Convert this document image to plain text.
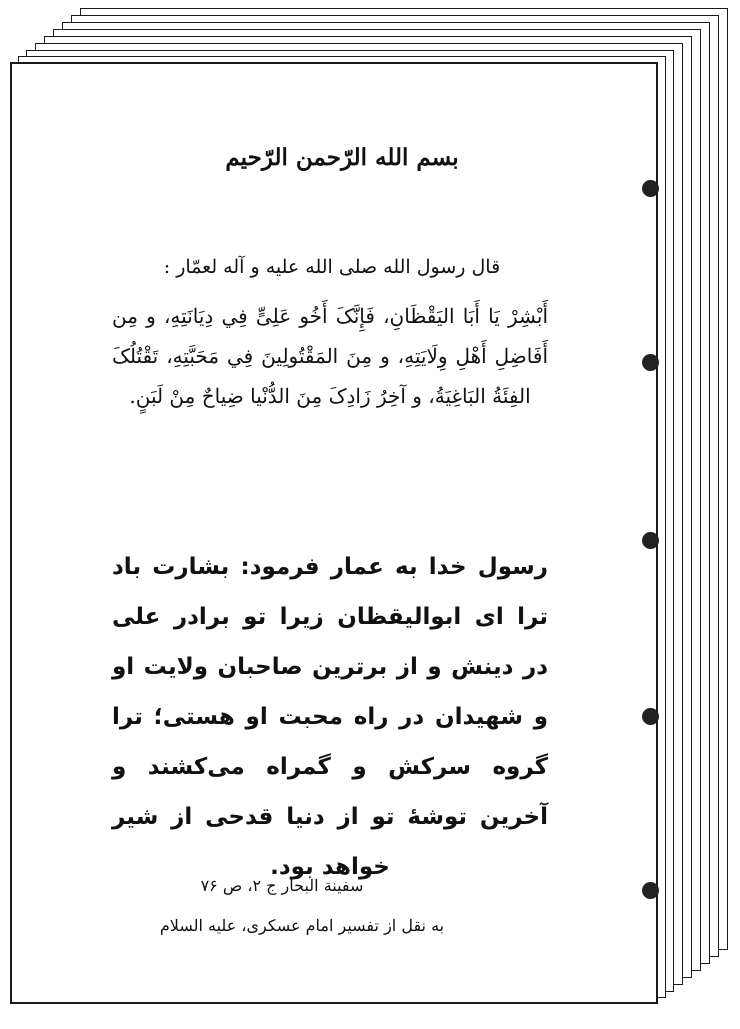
بسم الله الرّحمن الرّحیم
قال رسول الله صلی الله علیه و آله لعمّار :
أَبْشِرْ یَا أَبَا الیَقْظَانِ، فَإِنَّکَ أَخُو عَلِیٍّ فِي دِیَانَتِهِ، و مِن أَفَاضِلِ أَهْلِ وِلَایَتِهِ، و مِنَ المَقْتُولِینَ فِي مَحَبَّتِهِ، تَقْتُلُکَ الفِئَةُ البَاغِیَةُ، و آخِرُ زَادِکَ مِنَ الدُّنْیا ضِیاحٌ مِنْ لَبَنٍ.
رسول خدا به عمار فرمود: بشارت باد ترا ای ابوالیقظان زیرا تو برادر علی در دینش و از برترین صاحبان ولایت او و شهیدان در راه محبت او هستی؛ ترا گروه سرکش و گمراه می‌کشند و آخرین توشهٔ تو از دنیا قدحی از شیر خواهد بود.
سفینة البحار ج ۲، ص ۷۶
به نقل از تفسیر امام عسکری، علیه السلام
